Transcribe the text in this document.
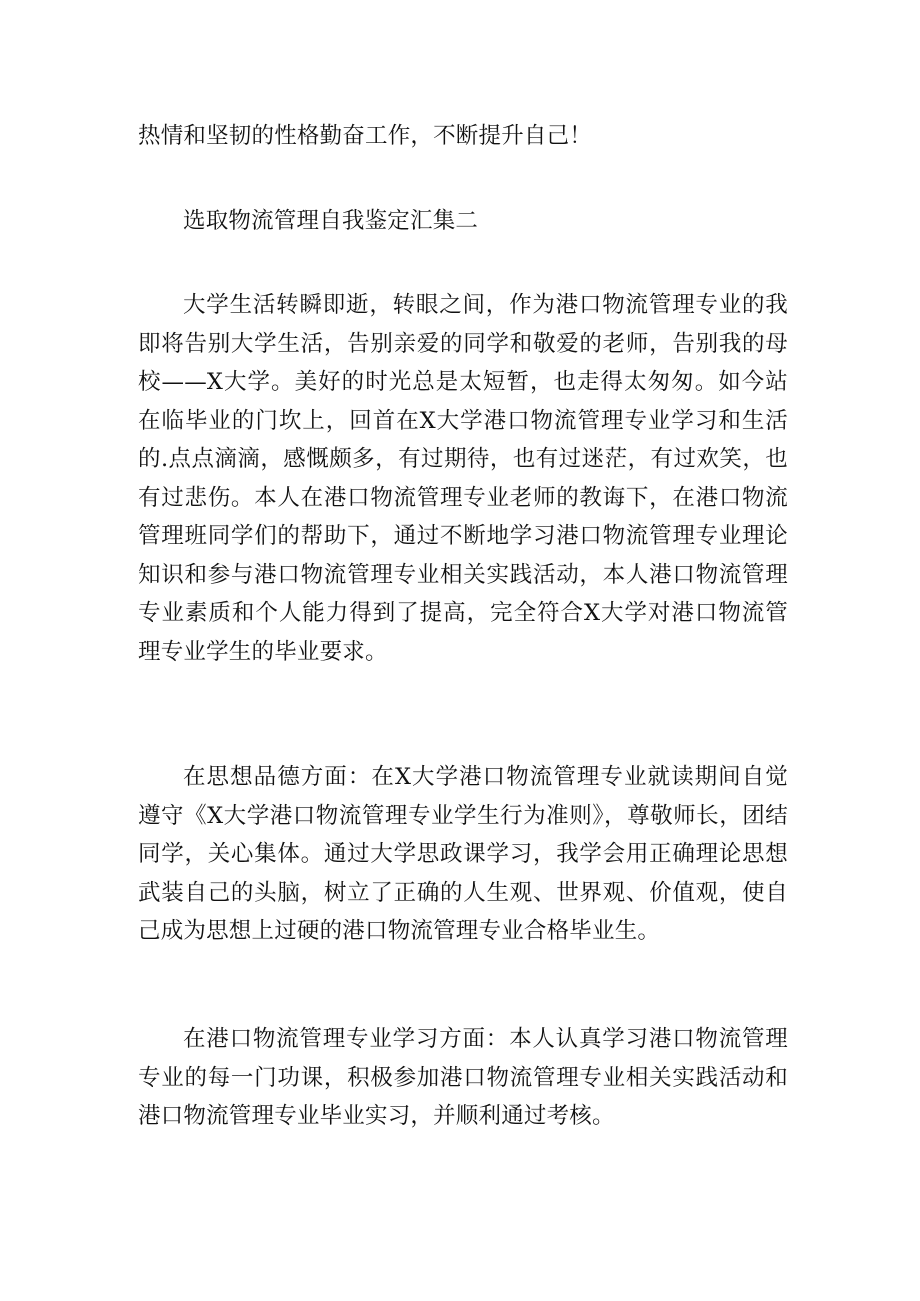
热情和坚韧的性格勤奋工作，不断提升自己！

选取物流管理自我鉴定汇集二

大学生活转瞬即逝，转眼之间，作为港口物流管理专业的我即将告别大学生活，告别亲爱的同学和敬爱的老师，告别我的母校——X大学。美好的时光总是太短暂，也走得太匆匆。如今站在临毕业的门坎上，回首在X大学港口物流管理专业学习和生活的.点点滴滴，感慨颇多，有过期待，也有过迷茫，有过欢笑，也有过悲伤。本人在港口物流管理专业老师的教诲下，在港口物流管理班同学们的帮助下，通过不断地学习港口物流管理专业理论知识和参与港口物流管理专业相关实践活动，本人港口物流管理专业素质和个人能力得到了提高，完全符合X大学对港口物流管理专业学生的毕业要求。

在思想品德方面：在X大学港口物流管理专业就读期间自觉遵守《X大学港口物流管理专业学生行为准则》，尊敬师长，团结同学，关心集体。通过大学思政课学习，我学会用正确理论思想武装自己的头脑，树立了正确的人生观、世界观、价值观，使自己成为思想上过硬的港口物流管理专业合格毕业生。

在港口物流管理专业学习方面：本人认真学习港口物流管理专业的每一门功课，积极参加港口物流管理专业相关实践活动和港口物流管理专业毕业实习，并顺利通过考核。
